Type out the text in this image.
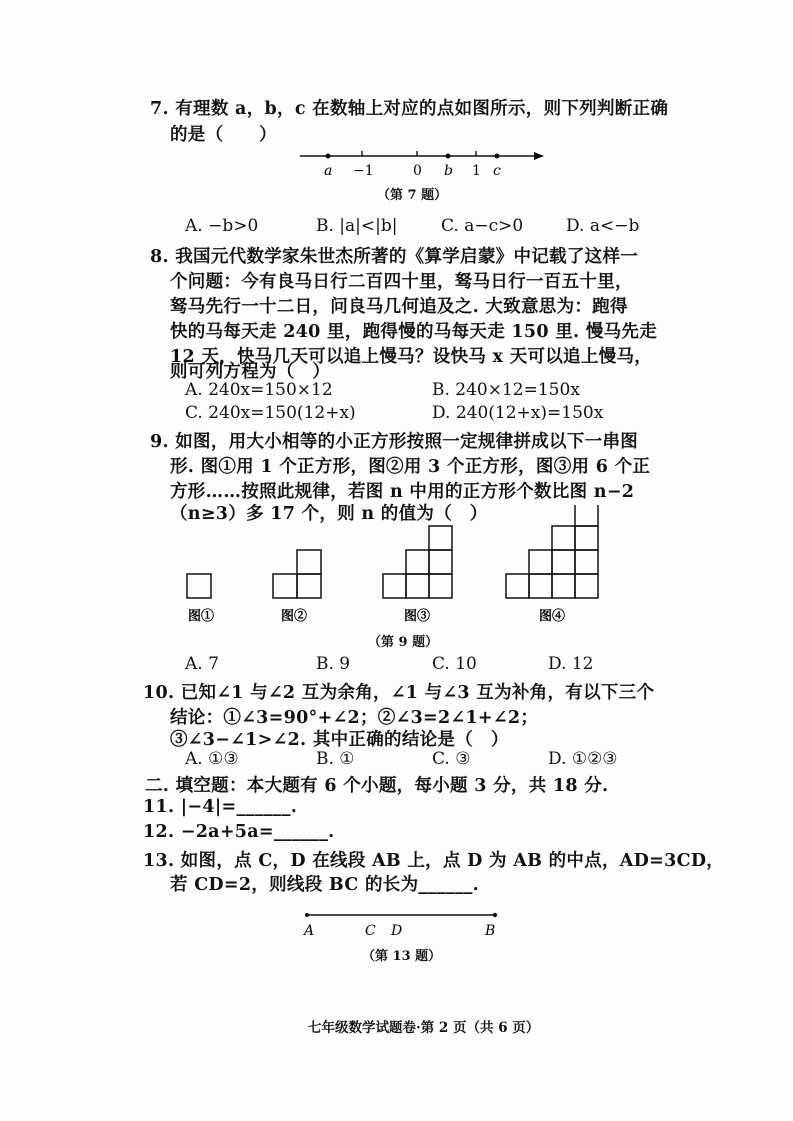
7. 有理数 a，b，c 在数轴上对应的点如图所示，则下列判断正确
的是（　　）
a −1	0 b 1 c
（第 7 题）
A. −b>0	B. |a|<|b|	C. a−c>0	D. a<−b
8. 我国元代数学家朱世杰所著的《算学启蒙》中记载了这样一
个问题：今有良马日行二百四十里，驽马日行一百五十里，
驽马先行一十二日，问良马几何追及之. 大致意思为：跑得
快的马每天走 240 里，跑得慢的马每天走 150 里. 慢马先走
12 天，快马几天可以追上慢马？设快马 x 天可以追上慢马，
则可列方程为（　）
A. 240x=150×12	B. 240×12=150x
C. 240x=150(12+x)	D. 240(12+x)=150x
9. 如图，用大小相等的小正方形按照一定规律拼成以下一串图
形. 图①用 1 个正方形，图②用 3 个正方形，图③用 6 个正
方形……按照此规律，若图 n 中用的正方形个数比图 n−2
（n≥3）多 17 个，则 n 的值为（　）
图①	图②	图③	图④
（第 9 题）
A. 7	B. 9	C. 10	D. 12
10. 已知∠1 与∠2 互为余角，∠1 与∠3 互为补角，有以下三个
结论：①∠3=90°+∠2；②∠3=2∠1+∠2；
③∠3−∠1>∠2. 其中正确的结论是（　）
A. ①③	B. ①	C. ③	D. ①②③
二. 填空题：本大题有 6 个小题，每小题 3 分，共 18 分.
11. |−4|=______.
12. −2a+5a=______.
13. 如图，点 C，D 在线段 AB 上，点 D 为 AB 的中点，AD=3CD，
若 CD=2，则线段 BC 的长为______.
A	C D	B
（第 13 题）
七年级数学试题卷·第 2 页（共 6 页）
